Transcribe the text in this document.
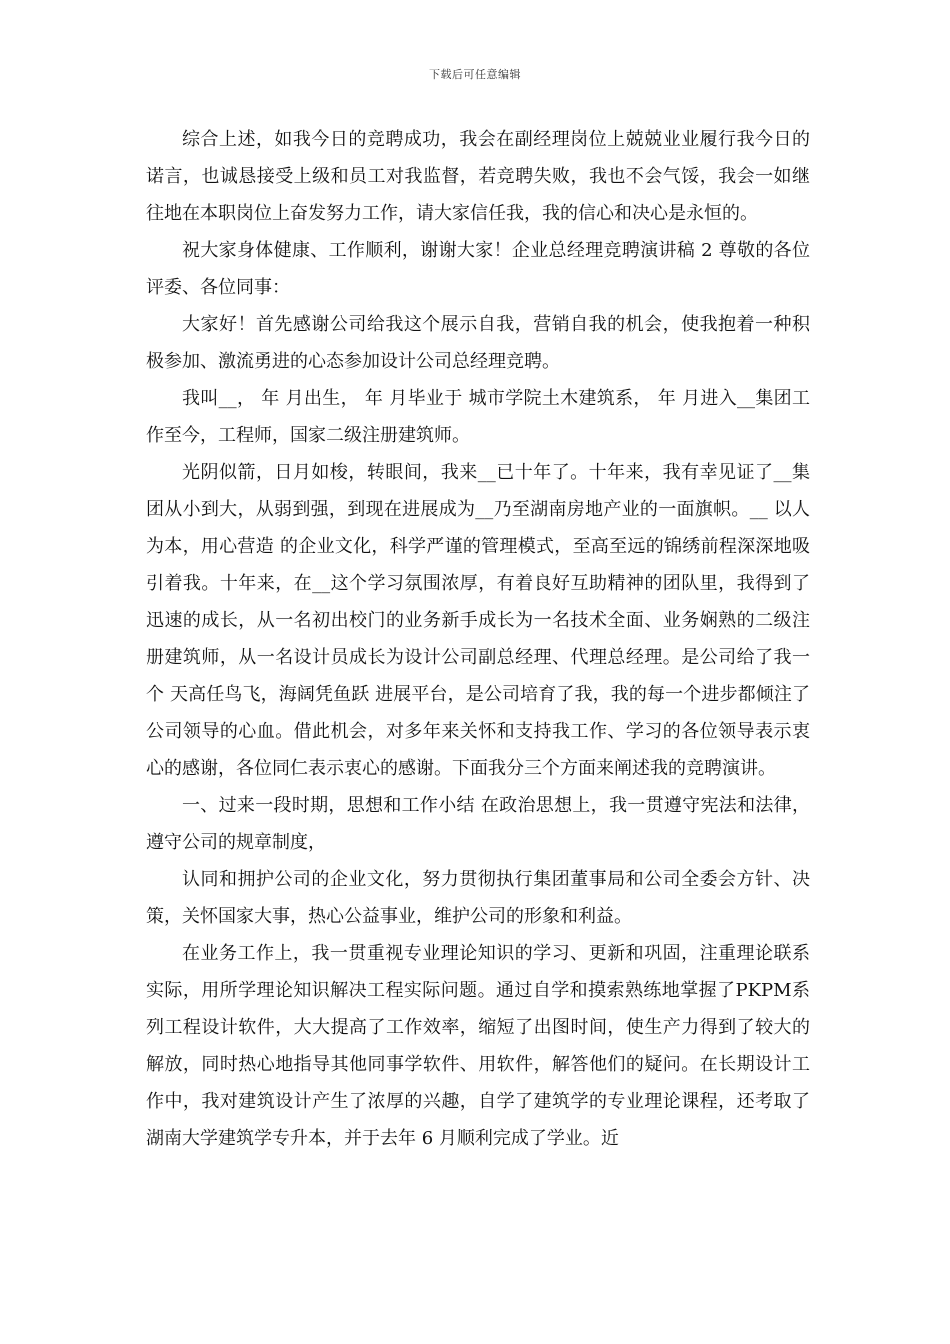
下载后可任意编辑

综合上述，如我今日的竞聘成功，我会在副经理岗位上兢兢业业履行我今日的诺言，也诚恳接受上级和员工对我监督，若竞聘失败，我也不会气馁，我会一如继往地在本职岗位上奋发努力工作，请大家信任我，我的信心和决心是永恒的。

祝大家身体健康、工作顺利，谢谢大家！企业总经理竞聘演讲稿 2 尊敬的各位评委、各位同事：

大家好！首先感谢公司给我这个展示自我，营销自我的机会，使我抱着一种积极参加、激流勇进的心态参加设计公司总经理竞聘。

我叫__， 年 月出生， 年 月毕业于 城市学院土木建筑系， 年 月进入__集团工作至今，工程师，国家二级注册建筑师。

光阴似箭，日月如梭，转眼间，我来__已十年了。十年来，我有幸见证了__集团从小到大，从弱到强，到现在进展成为__乃至湖南房地产业的一面旗帜。__ 以人为本，用心营造 的企业文化，科学严谨的管理模式，至高至远的锦绣前程深深地吸引着我。十年来，在__这个学习氛围浓厚，有着良好互助精神的团队里，我得到了迅速的成长，从一名初出校门的业务新手成长为一名技术全面、业务娴熟的二级注册建筑师，从一名设计员成长为设计公司副总经理、代理总经理。是公司给了我一个 天高任鸟飞，海阔凭鱼跃 进展平台，是公司培育了我，我的每一个进步都倾注了公司领导的心血。借此机会，对多年来关怀和支持我工作、学习的各位领导表示衷心的感谢，各位同仁表示衷心的感谢。下面我分三个方面来阐述我的竞聘演讲。

一、过来一段时期，思想和工作小结 在政治思想上，我一贯遵守宪法和法律，遵守公司的规章制度，

认同和拥护公司的企业文化，努力贯彻执行集团董事局和公司全委会方针、决策，关怀国家大事，热心公益事业，维护公司的形象和利益。

在业务工作上，我一贯重视专业理论知识的学习、更新和巩固，注重理论联系实际，用所学理论知识解决工程实际问题。通过自学和摸索熟练地掌握了PKPM系列工程设计软件，大大提高了工作效率，缩短了出图时间，使生产力得到了较大的解放，同时热心地指导其他同事学软件、用软件，解答他们的疑问。在长期设计工作中，我对建筑设计产生了浓厚的兴趣，自学了建筑学的专业理论课程，还考取了湖南大学建筑学专升本，并于去年 6 月顺利完成了学业。近
